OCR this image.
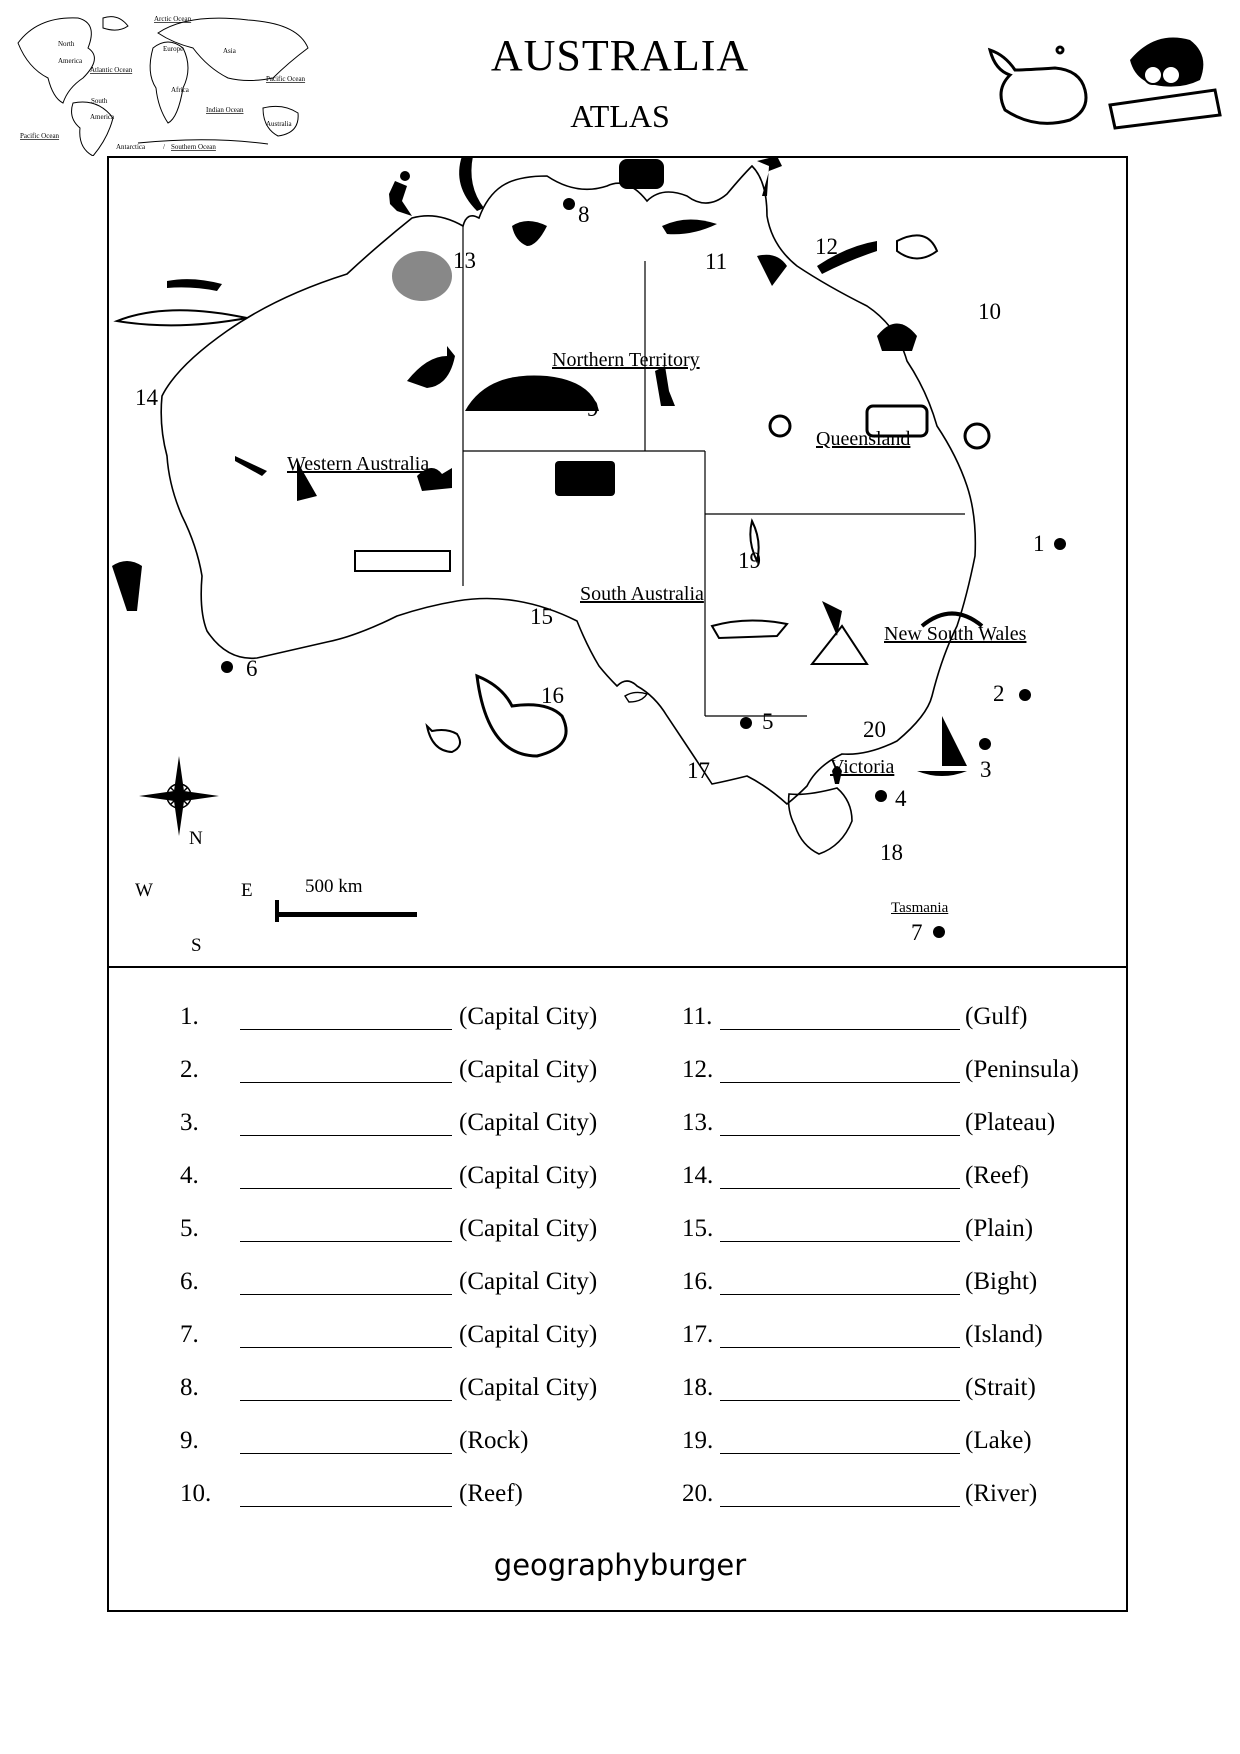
AUSTRALIA
ATLAS
Arctic Ocean
North
America
Europe	Asia
Atlantic Ocean
Pacific Ocean
Africa
South
America
Indian Ocean
Australia
Pacific Ocean
Antarctica	/ Southern Ocean
Northern Territory
Queensland
Western Australia
South Australia
New South Wales
Victoria
Tasmania
1
2
3
4
5
6
7
8
9
10
11
12
13
14
15
16
17
18
19
20
N
S
E
W	500 km
1.	(Capital City)
2.	(Capital City)
3.	(Capital City)
4.	(Capital City)
5.	(Capital City)
6.	(Capital City)
7.	(Capital City)
8.	(Capital City)
9.	(Rock)
10.	(Reef)
11.	(Gulf)
12.	(Peninsula)
13.	(Plateau)
14.	(Reef)
15.	(Plain)
16.	(Bight)
17.	(Island)
18.	(Strait)
19.	(Lake)
20.	(River)
geographyburger
